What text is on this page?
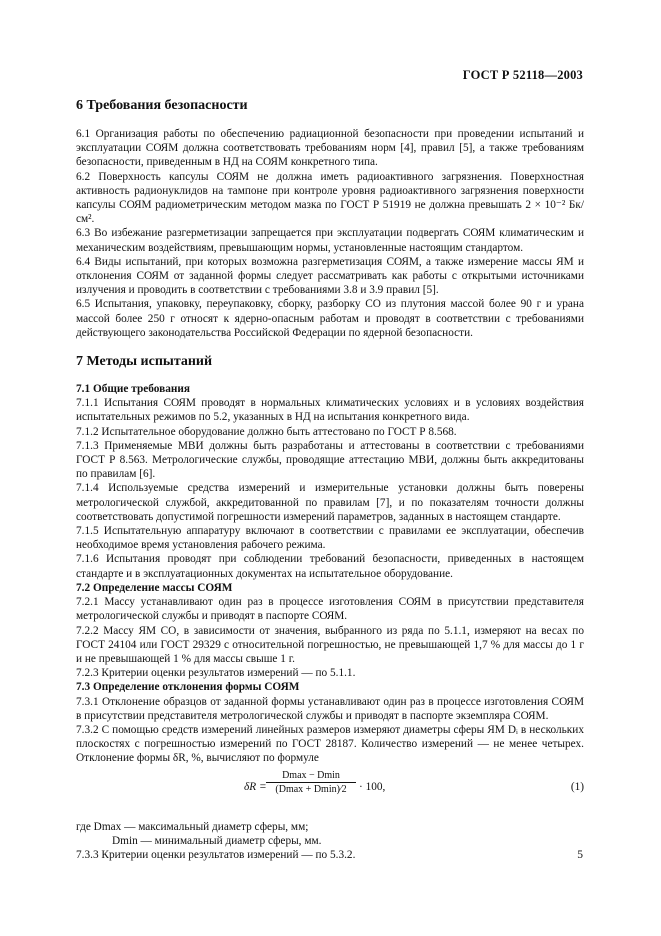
ГОСТ Р 52118—2003
6 Требования безопасности

6.1 Организация работы по обеспечению радиационной безопасности при проведении испытаний и эксплуатации СОЯМ должна соответствовать требованиям норм [4], правил [5], а также требованиям безопасности, приведенным в НД на СОЯМ конкретного типа.

6.2 Поверхность капсулы СОЯМ не должна иметь радиоактивного загрязнения. Поверхностная активность радионуклидов на тампоне при контроле уровня радиоактивного загрязнения поверхности капсулы СОЯМ радиометрическим методом мазка по ГОСТ Р 51919 не должна превышать 2 × 10⁻² Бк/см².

6.3 Во избежание разгерметизации запрещается при эксплуатации подвергать СОЯМ климатическим и механическим воздействиям, превышающим нормы, установленные настоящим стандартом.

6.4 Виды испытаний, при которых возможна разгерметизация СОЯМ, а также измерение массы ЯМ и отклонения СОЯМ от заданной формы следует рассматривать как работы с открытыми источниками излучения и проводить в соответствии с требованиями 3.8 и 3.9 правил [5].

6.5 Испытания, упаковку, переупаковку, сборку, разборку СО из плутония массой более 90 г и урана массой более 250 г относят к ядерно-опасным работам и проводят в соответствии с требованиями действующего законодательства Российской Федерации по ядерной безопасности.

7 Методы испытаний
7.1 Общие требования

7.1.1 Испытания СОЯМ проводят в нормальных климатических условиях и в условиях воздействия испытательных режимов по 5.2, указанных в НД на испытания конкретного вида.

7.1.2 Испытательное оборудование должно быть аттестовано по ГОСТ Р 8.568.

7.1.3 Применяемые МВИ должны быть разработаны и аттестованы в соответствии с требованиями ГОСТ Р 8.563. Метрологические службы, проводящие аттестацию МВИ, должны быть аккредитованы по правилам [6].

7.1.4 Используемые средства измерений и измерительные установки должны быть поверены метрологической службой, аккредитованной по правилам [7], и по показателям точности должны соответствовать допустимой погрешности измерений параметров, заданных в настоящем стандарте.

7.1.5 Испытательную аппаратуру включают в соответствии с правилами ее эксплуатации, обеспечив необходимое время установления рабочего режима.

7.1.6 Испытания проводят при соблюдении требований безопасности, приведенных в настоящем стандарте и в эксплуатационных документах на испытательное оборудование.

7.2 Определение массы СОЯМ

7.2.1 Массу устанавливают один раз в процессе изготовления СОЯМ в присутствии представителя метрологической службы и приводят в паспорте СОЯМ.

7.2.2 Массу ЯМ СО, в зависимости от значения, выбранного из ряда по 5.1.1, измеряют на весах по ГОСТ 24104 или ГОСТ 29329 с относительной погрешностью, не превышающей 1,7 % для массы до 1 г и не превышающей 1 % для массы свыше 1 г.

7.2.3 Критерии оценки результатов измерений — по 5.1.1.

7.3 Определение отклонения формы СОЯМ

7.3.1 Отклонение образцов от заданной формы устанавливают один раз в процессе изготовления СОЯМ в присутствии представителя метрологической службы и приводят в паспорте экземпляра СОЯМ.

7.3.2 С помощью средств измерений линейных размеров измеряют диаметры сферы ЯМ Dᵢ в нескольких плоскостях с погрешностью измерений по ГОСТ 28187. Количество измерений — не менее четырех. Отклонение формы δR, %, вычисляют по формуле

δR =
Dmax − Dmin
(Dmax + Dmin)⁄2	· 100,	(1)
где Dmax — максимальный диаметр сферы, мм;
Dmin — минимальный диаметр сферы, мм.

7.3.3 Критерии оценки результатов измерений — по 5.3.2.	5
